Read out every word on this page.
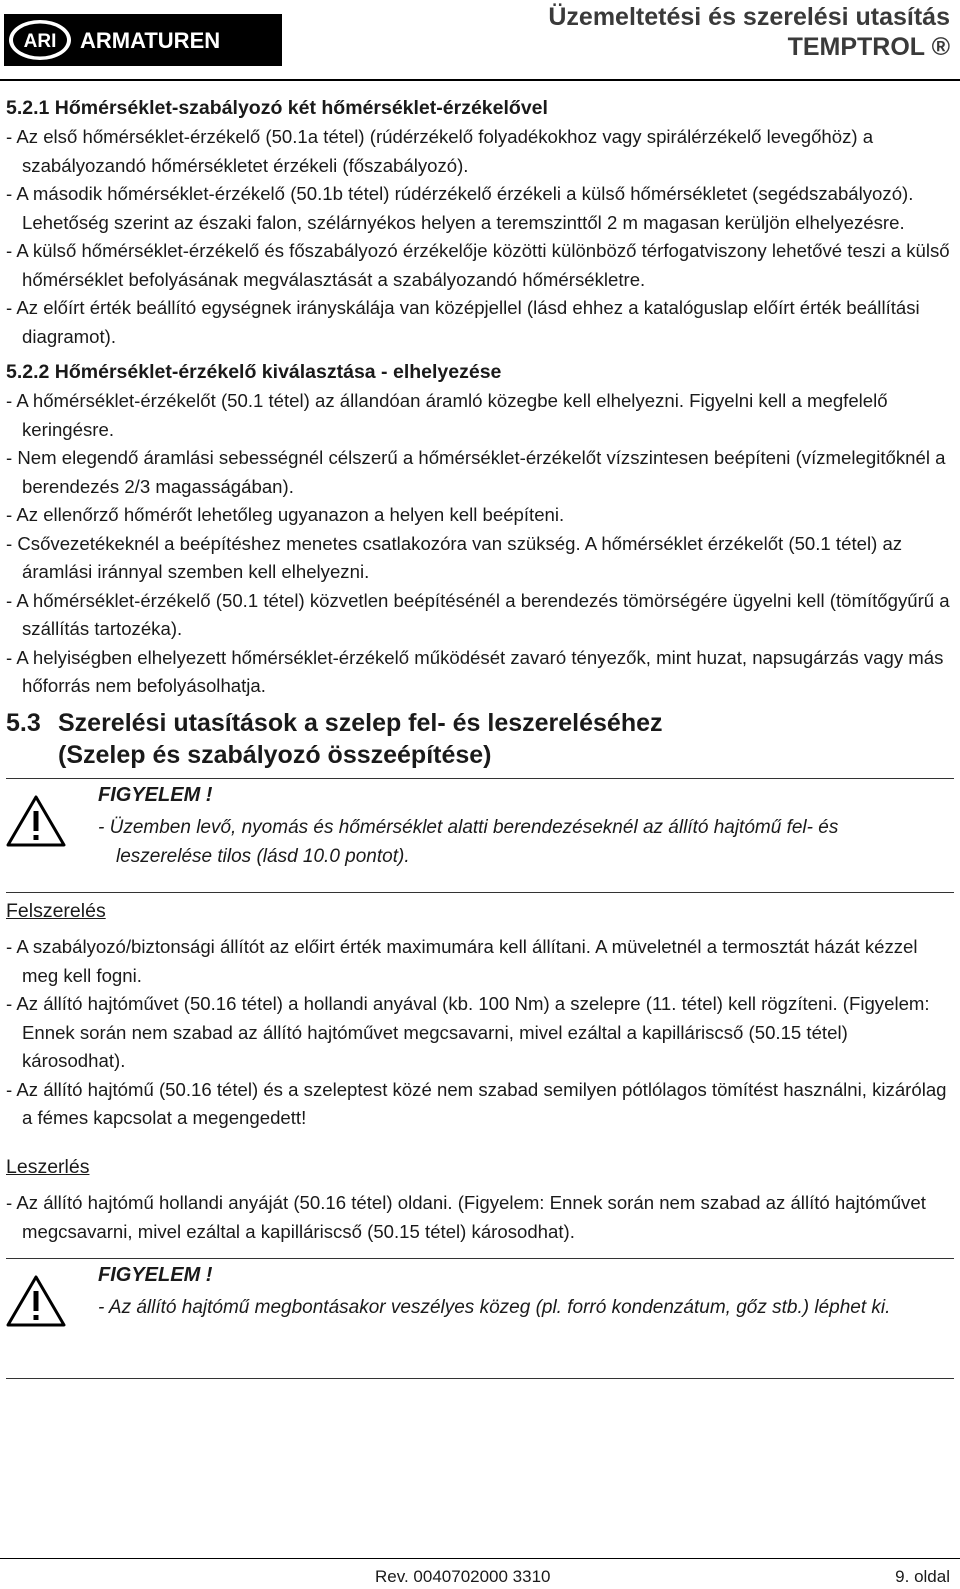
ARI ARMATUREN
Üzemeltetési és szerelési utasítás
TEMPTROL ®
5.2.1 Hőmérséklet-szabályozó két hőmérséklet-érzékelővel
- Az első hőmérséklet-érzékelő (50.1a tétel) (rúdérzékelő folyadékokhoz vagy spirálérzékelő levegőhöz) a szabályozandó hőmérsékletet érzékeli (főszabályozó).
- A második hőmérséklet-érzékelő (50.1b tétel) rúdérzékelő érzékeli a külső hőmérsékletet (segédszabályozó). Lehetőség szerint az északi falon, szélárnyékos helyen a teremszinttől 2 m magasan kerüljön elhelyezésre.
- A külső hőmérséklet-érzékelő és főszabályozó érzékelője közötti különböző térfogatviszony lehetővé teszi a külső hőmérséklet befolyásának megválasztását a szabályozandó hőmérsékletre.
- Az előírt érték beállító egységnek irányskálája van középjellel (lásd ehhez a katalóguslap előírt érték beállítási diagramot).
5.2.2 Hőmérséklet-érzékelő kiválasztása - elhelyezése
- A hőmérséklet-érzékelőt (50.1 tétel) az állandóan áramló közegbe kell elhelyezni. Figyelni kell a megfelelő keringésre.
- Nem elegendő áramlási sebességnél célszerű a hőmérséklet-érzékelőt vízszintesen beépíteni (vízmelegitőknél a berendezés 2/3 magasságában).
- Az ellenőrző hőmérőt lehetőleg ugyanazon a helyen kell beépíteni.
- Csővezetékeknél a beépítéshez menetes csatlakozóra van szükség. A hőmérséklet érzékelőt (50.1 tétel) az áramlási iránnyal szemben kell elhelyezni.
- A hőmérséklet-érzékelő (50.1 tétel) közvetlen beépítésénél a berendezés tömörségére ügyelni kell (tömítőgyűrű a szállítás tartozéka).
- A helyiségben elhelyezett hőmérséklet-érzékelő működését zavaró tényezők, mint huzat, napsugárzás vagy más hőforrás nem befolyásolhatja.
5.3 Szerelési utasítások a szelep fel- és leszereléséhez
(Szelep és szabályozó összeépítése)
FIGYELEM !
- Üzemben levő, nyomás és hőmérséklet alatti berendezéseknél az állító hajtómű fel- és leszerelése tilos (lásd 10.0 pontot).
Felszerelés
- A szabályozó/biztonsági állítót az előirt érték maximumára kell állítani. A müveletnél a termosztát házát kézzel meg kell fogni.
- Az állító hajtóművet (50.16 tétel) a hollandi anyával (kb. 100 Nm) a szelepre (11. tétel) kell rögzíteni. (Figyelem: Ennek során nem szabad az állító hajtóművet megcsavarni, mivel ezáltal a kapilláriscső (50.15 tétel) károsodhat).
- Az állító hajtómű (50.16 tétel) és a szeleptest közé nem szabad semilyen pótlólagos tömítést használni, kizárólag a fémes kapcsolat a megengedett!
Leszerlés
- Az állító hajtómű hollandi anyáját (50.16 tétel) oldani. (Figyelem: Ennek során nem szabad az állító hajtóművet megcsavarni, mivel ezáltal a kapilláriscső (50.15 tétel) károsodhat).
FIGYELEM !
- Az állító hajtómű megbontásakor veszélyes közeg (pl. forró kondenzátum, gőz stb.) léphet ki.
Rev. 0040702000 3310	9. oldal
